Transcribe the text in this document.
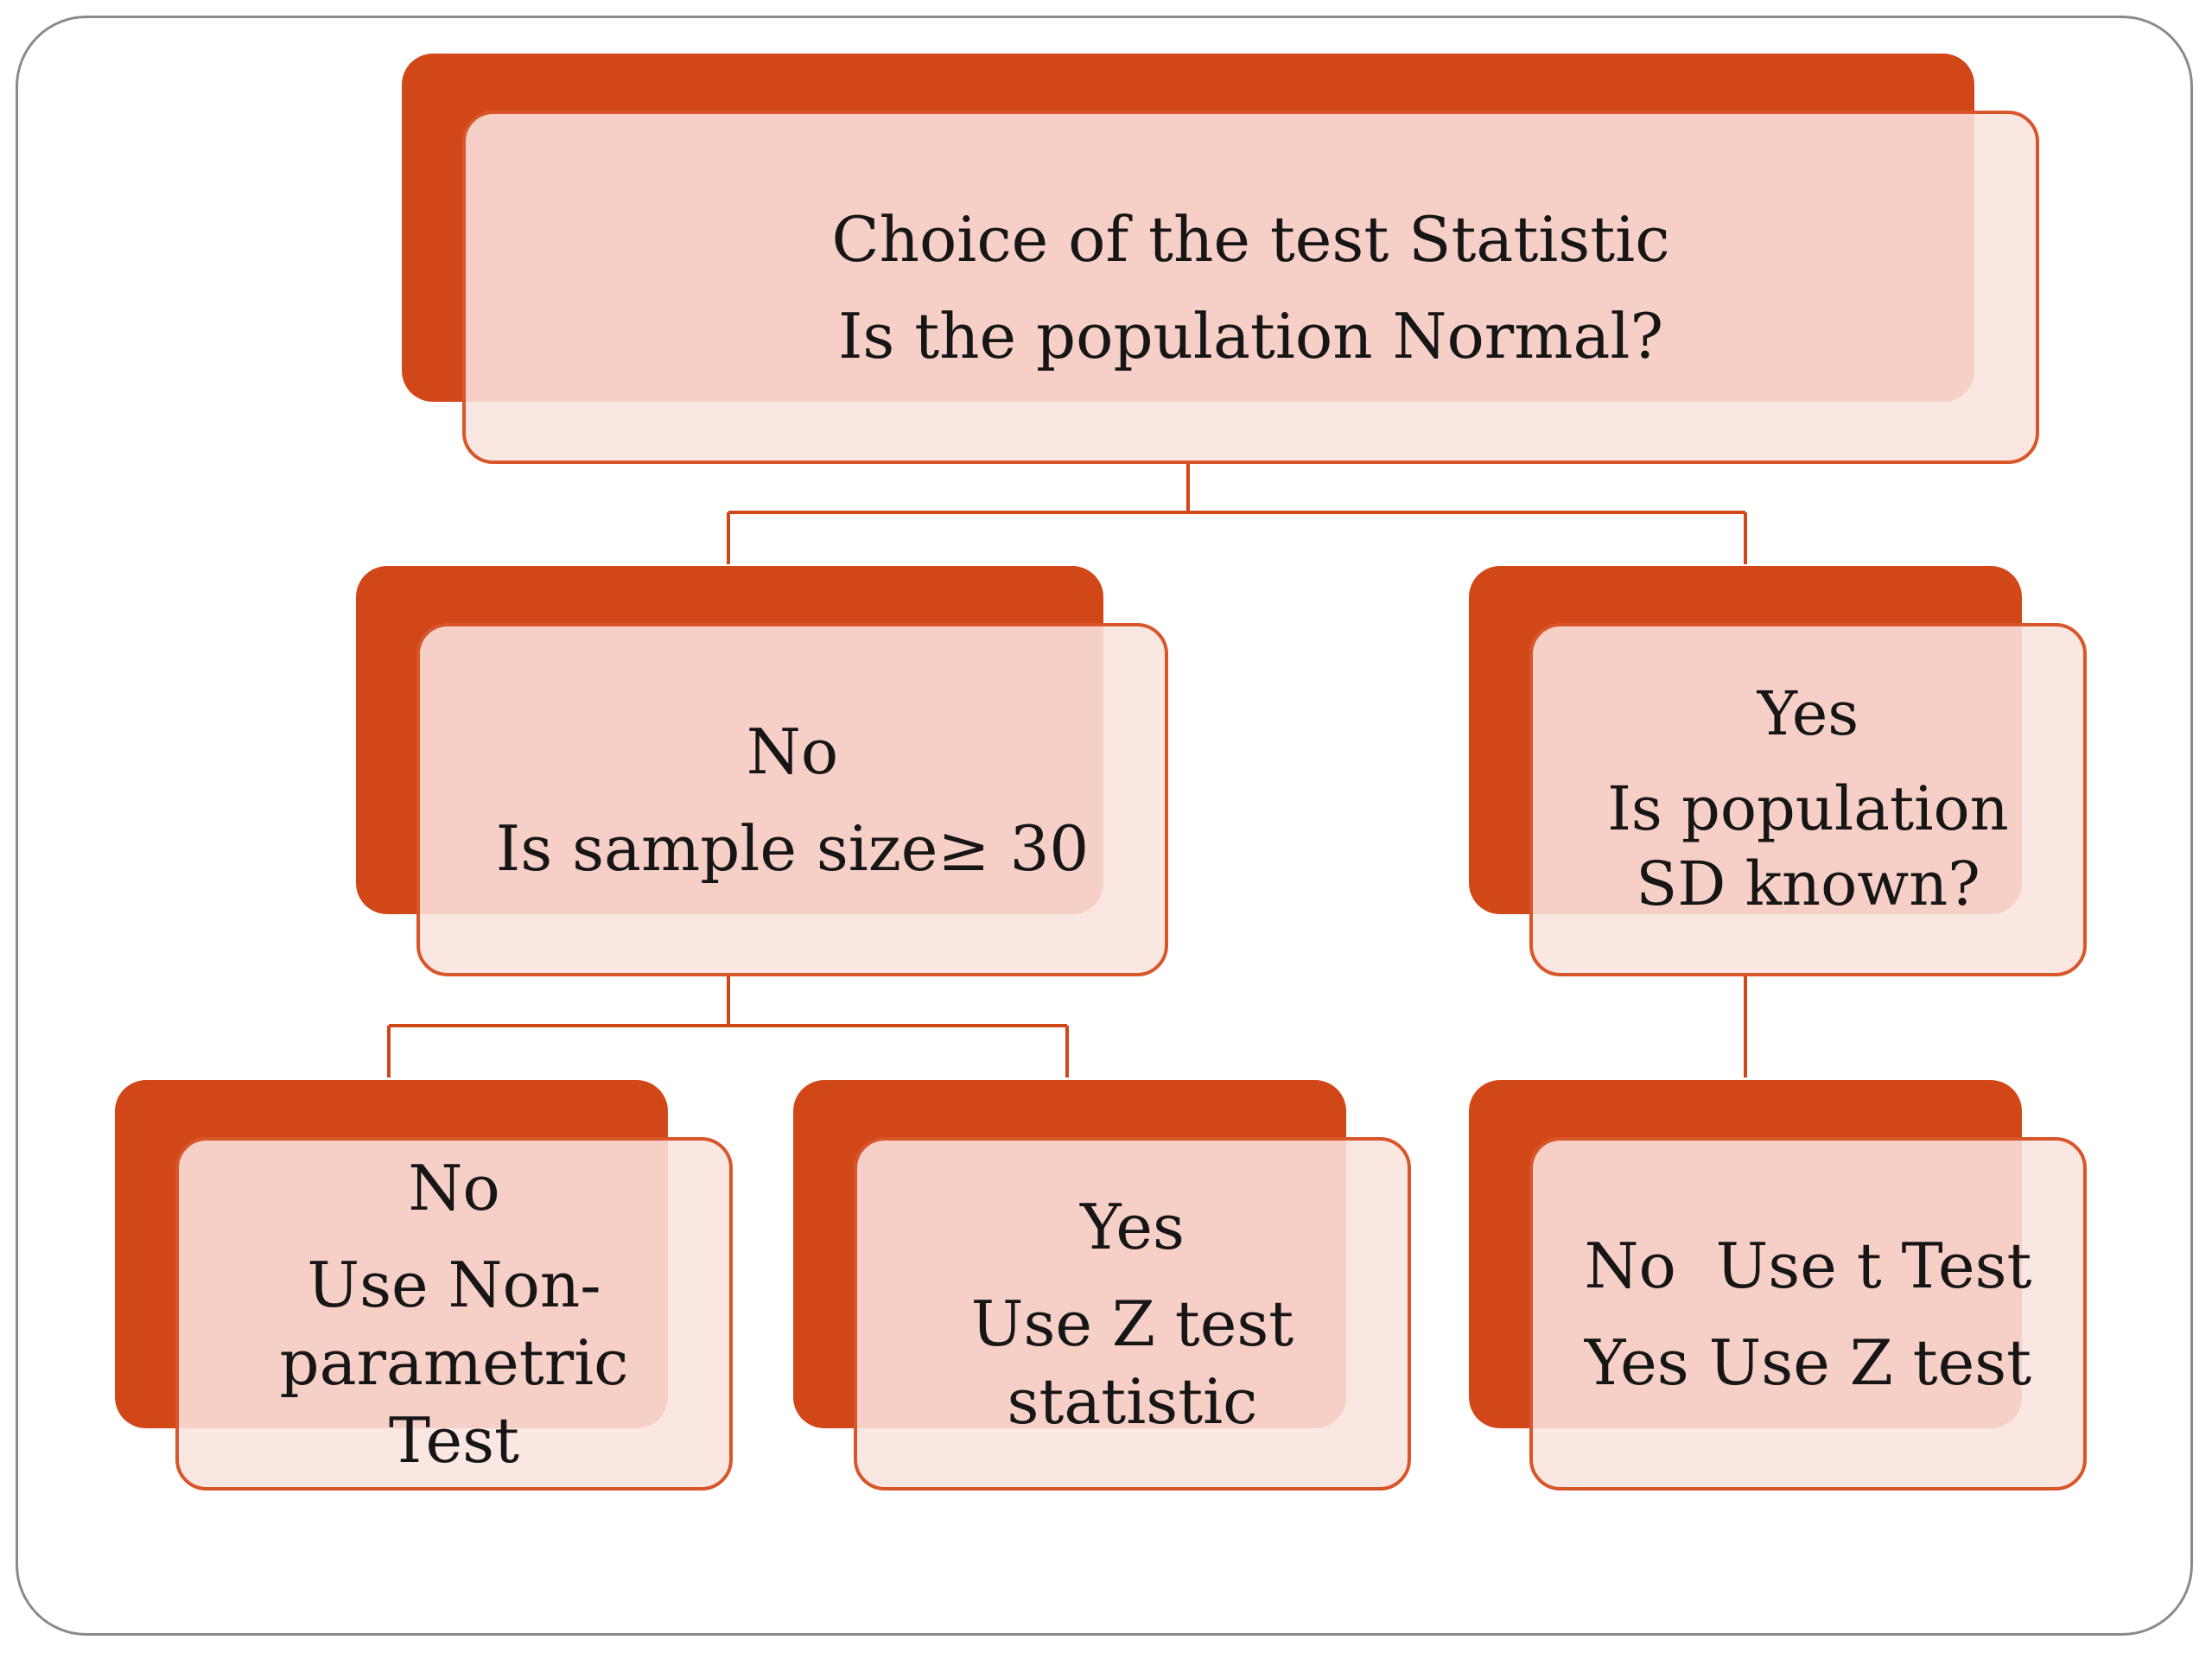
Choice of the test Statistic
Is the population Normal?
No
Is sample size≥ 30
Yes
Is population SD known?
No
Use Non-parametric Test
Yes
Use Z test statistic
No  Use t Test
Yes Use Z test
